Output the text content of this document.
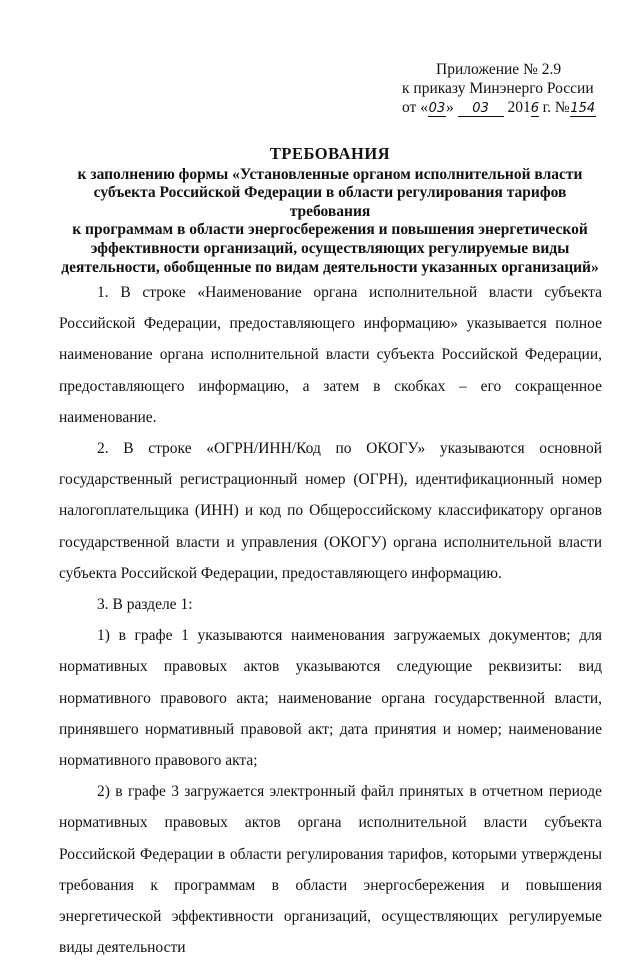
Приложение № 2.9
к приказу Минэнерго России
от «03» 03 2016 г. №154
ТРЕБОВАНИЯ
к заполнению формы «Установленные органом исполнительной власти
субъекта Российской Федерации в области регулирования тарифов требования
к программам в области энергосбережения и повышения энергетической
эффективности организаций, осуществляющих регулируемые виды
деятельности, обобщенные по видам деятельности указанных организаций»

1. В строке «Наименование органа исполнительной власти субъекта Российской Федерации, предоставляющего информацию» указывается полное наименование органа исполнительной власти субъекта Российской Федерации, предоставляющего информацию, а затем в скобках – его сокращенное наименование.

2. В строке «ОГРН/ИНН/Код по ОКОГУ» указываются основной государственный регистрационный номер (ОГРН), идентификационный номер налогоплательщика (ИНН) и код по Общероссийскому классификатору органов государственной власти и управления (ОКОГУ) органа исполнительной власти субъекта Российской Федерации, предоставляющего информацию.

3. В разделе 1:

1) в графе 1 указываются наименования загружаемых документов; для нормативных правовых актов указываются следующие реквизиты: вид нормативного правового акта; наименование органа государственной власти, принявшего нормативный правовой акт; дата принятия и номер; наименование нормативного правового акта;

2) в графе 3 загружается электронный файл принятых в отчетном периоде нормативных правовых актов органа исполнительной власти субъекта Российской Федерации в области регулирования тарифов, которыми утверждены требования к программам в области энергосбережения и повышения энергетической эффективности организаций, осуществляющих регулируемые виды деятельности
